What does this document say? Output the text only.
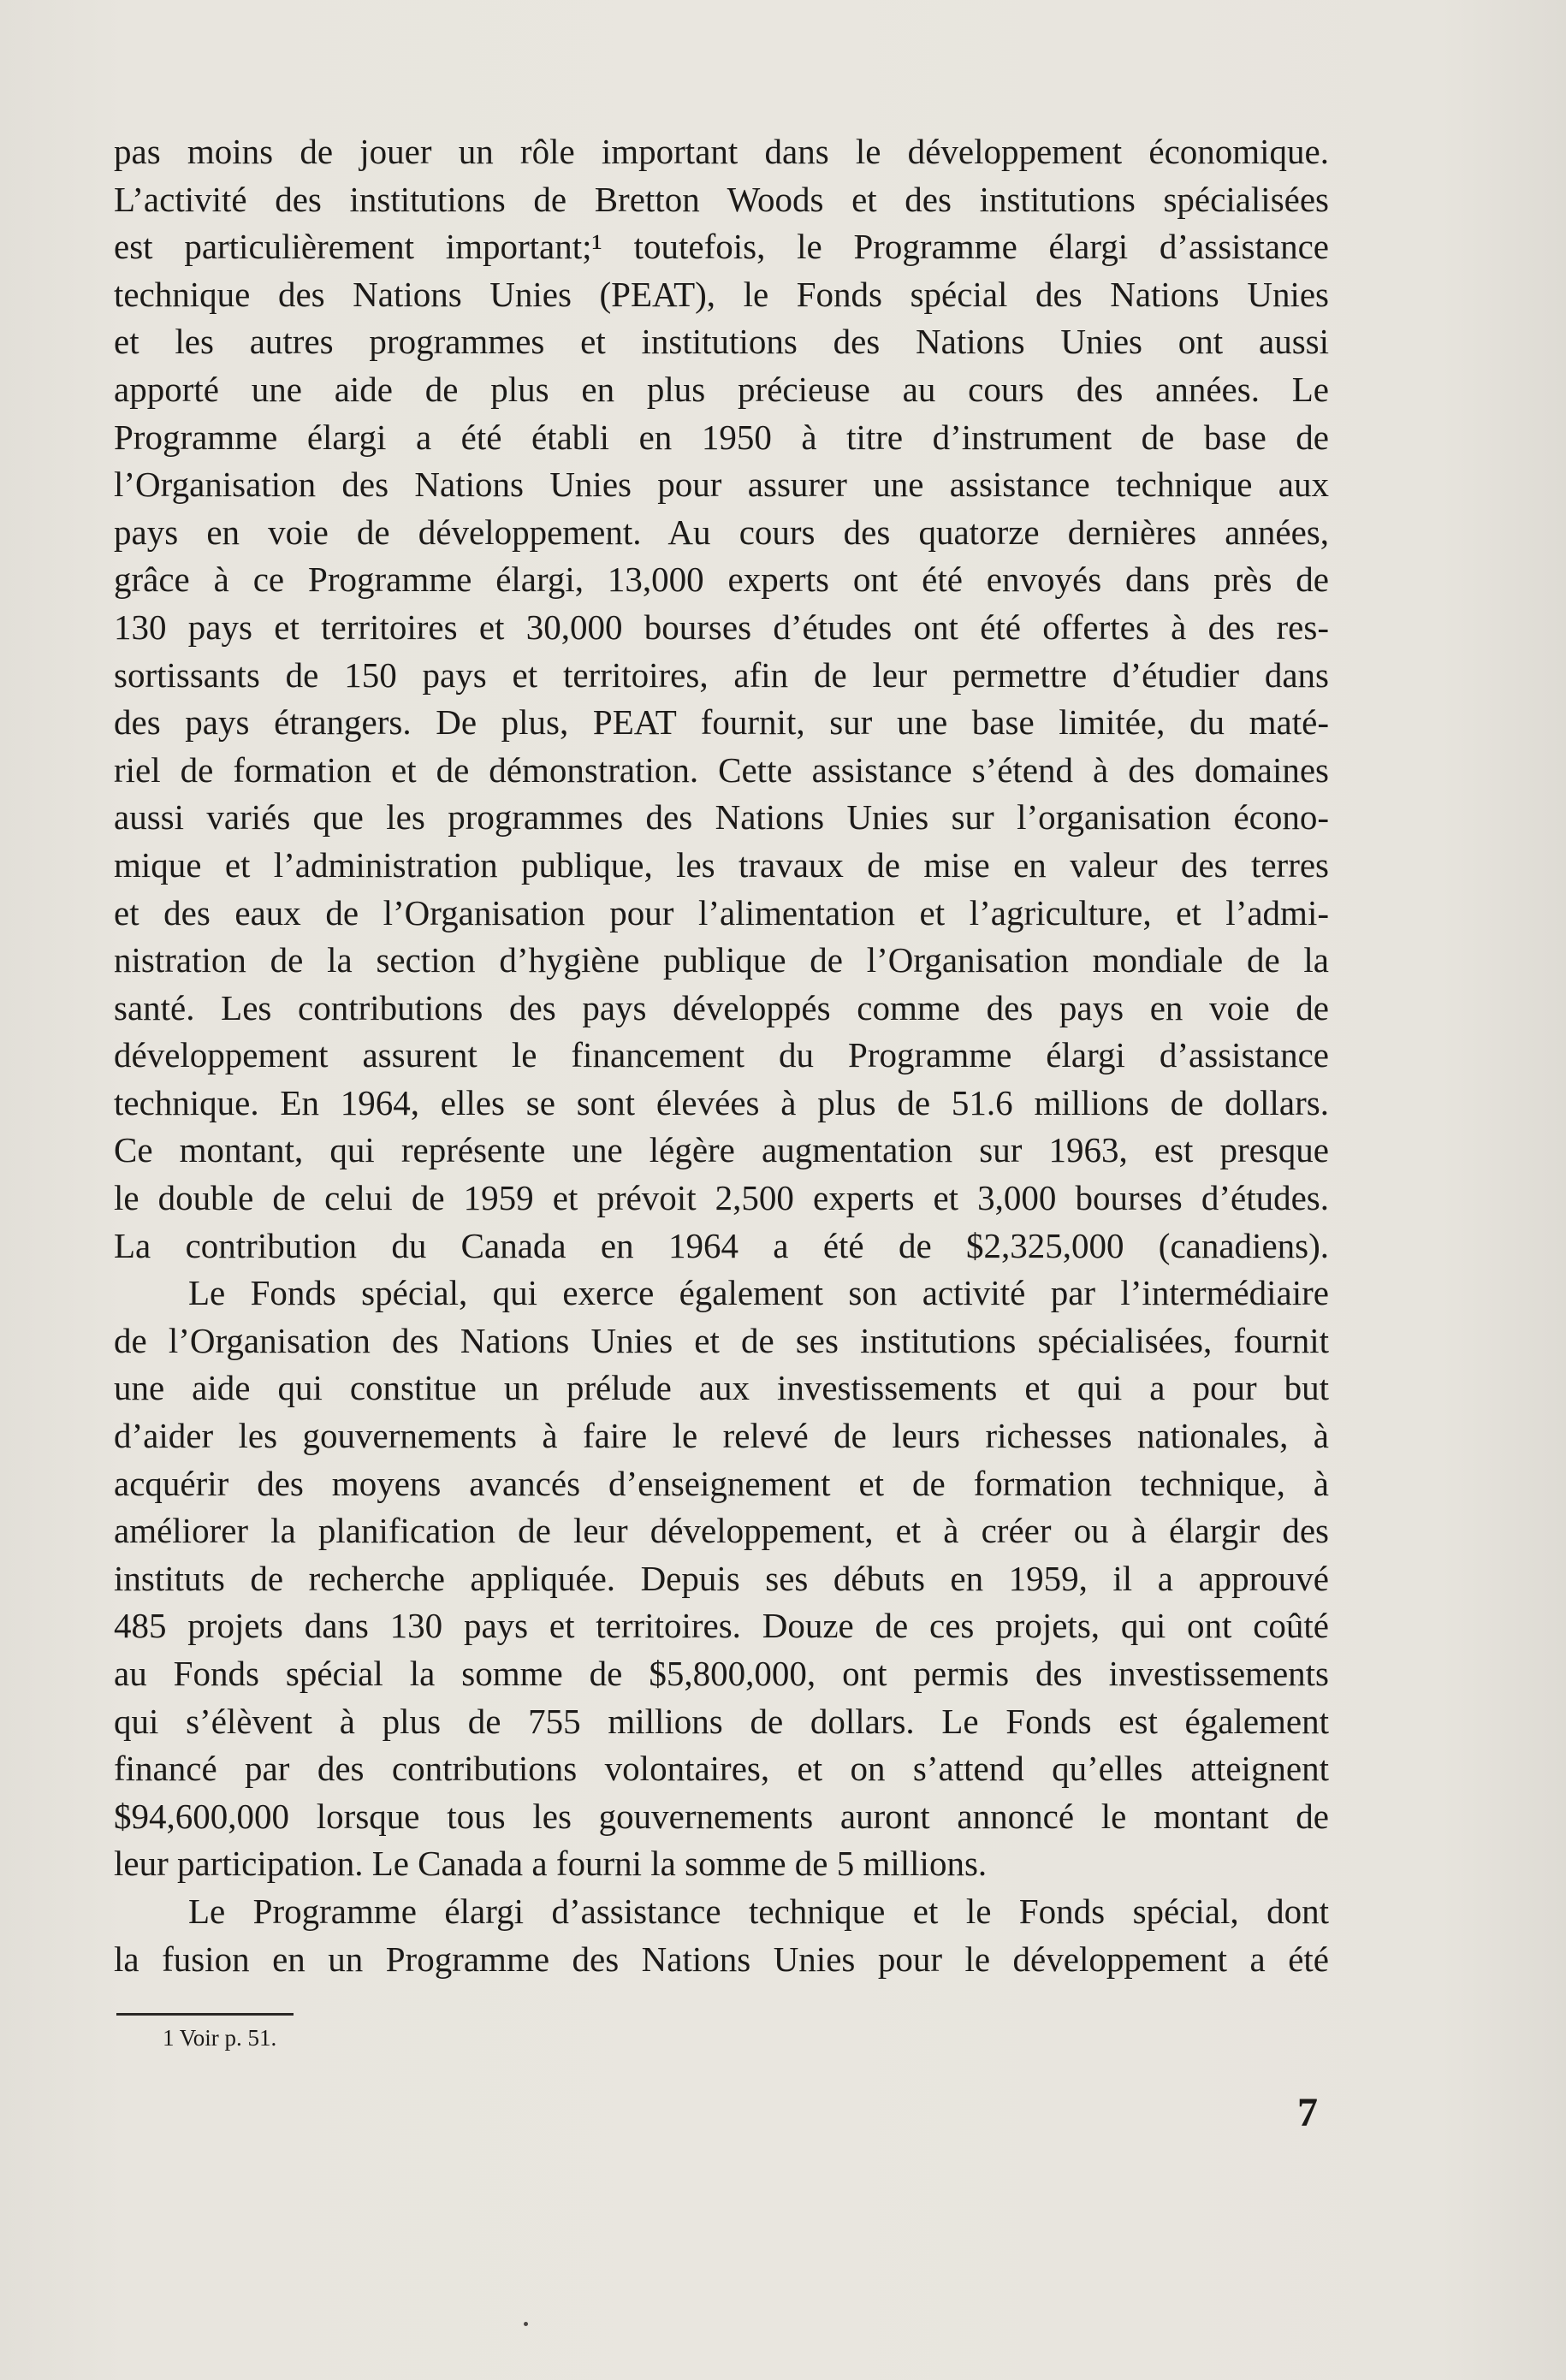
pas moins de jouer un rôle important dans le développement économique.
L’activité des institutions de Bretton Woods et des institutions spécialisées
est particulièrement important;¹ toutefois, le Programme élargi d’assistance
technique des Nations Unies (PEAT), le Fonds spécial des Nations Unies
et les autres programmes et institutions des Nations Unies ont aussi
apporté une aide de plus en plus précieuse au cours des années. Le
Programme élargi a été établi en 1950 à titre d’instrument de base de
l’Organisation des Nations Unies pour assurer une assistance technique aux
pays en voie de développement. Au cours des quatorze dernières années,
grâce à ce Programme élargi, 13,000 experts ont été envoyés dans près de
130 pays et territoires et 30,000 bourses d’études ont été offertes à des res-
sortissants de 150 pays et territoires, afin de leur permettre d’étudier dans
des pays étrangers. De plus, PEAT fournit, sur une base limitée, du maté-
riel de formation et de démonstration. Cette assistance s’étend à des domaines
aussi variés que les programmes des Nations Unies sur l’organisation écono-
mique et l’administration publique, les travaux de mise en valeur des terres
et des eaux de l’Organisation pour l’alimentation et l’agriculture, et l’admi-
nistration de la section d’hygiène publique de l’Organisation mondiale de la
santé. Les contributions des pays développés comme des pays en voie de
développement assurent le financement du Programme élargi d’assistance
technique. En 1964, elles se sont élevées à plus de 51.6 millions de dollars.
Ce montant, qui représente une légère augmentation sur 1963, est presque
le double de celui de 1959 et prévoit 2,500 experts et 3,000 bourses d’études.
La contribution du Canada en 1964 a été de $2,325,000 (canadiens).
Le Fonds spécial, qui exerce également son activité par l’intermédiaire
de l’Organisation des Nations Unies et de ses institutions spécialisées, fournit
une aide qui constitue un prélude aux investissements et qui a pour but
d’aider les gouvernements à faire le relevé de leurs richesses nationales, à
acquérir des moyens avancés d’enseignement et de formation technique, à
améliorer la planification de leur développement, et à créer ou à élargir des
instituts de recherche appliquée. Depuis ses débuts en 1959, il a approuvé
485 projets dans 130 pays et territoires. Douze de ces projets, qui ont coûté
au Fonds spécial la somme de $5,800,000, ont permis des investissements
qui s’élèvent à plus de 755 millions de dollars. Le Fonds est également
financé par des contributions volontaires, et on s’attend qu’elles atteignent
$94,600,000 lorsque tous les gouvernements auront annoncé le montant de
leur participation. Le Canada a fourni la somme de 5 millions.
Le Programme élargi d’assistance technique et le Fonds spécial, dont
la fusion en un Programme des Nations Unies pour le développement a été
1 Voir p. 51.
7
